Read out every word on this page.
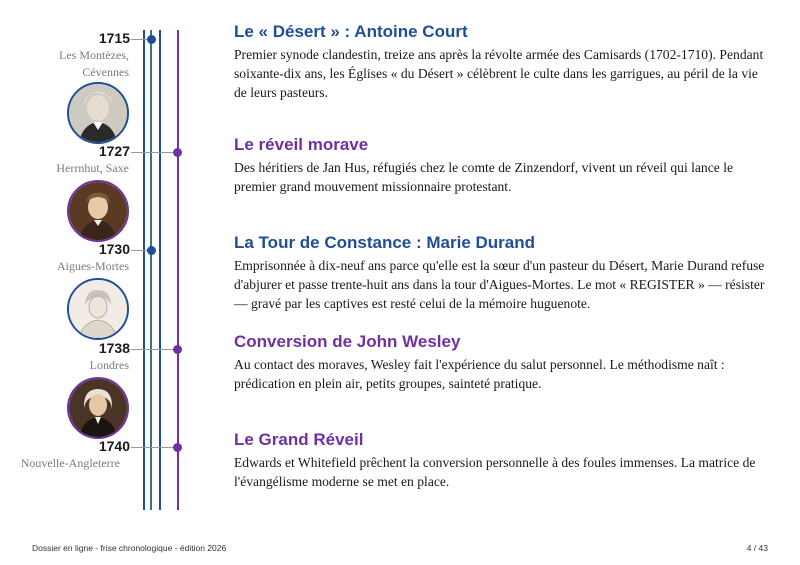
1715
Les Montèzes, Cévennes
Le « Désert » : Antoine Court
Premier synode clandestin, treize ans après la révolte armée des Camisards (1702-1710). Pendant soixante-dix ans, les Églises « du Désert » célèbrent le culte dans les garrigues, au péril de la vie de leurs pasteurs.
1727
Herrnhut, Saxe
Le réveil morave
Des héritiers de Jan Hus, réfugiés chez le comte de Zinzendorf, vivent un réveil qui lance le premier grand mouvement missionnaire protestant.
1730
Aigues-Mortes
La Tour de Constance : Marie Durand
Emprisonnée à dix-neuf ans parce qu'elle est la sœur d'un pasteur du Désert, Marie Durand refuse d'abjurer et passe trente-huit ans dans la tour d'Aigues-Mortes. Le mot « REGISTER » — résister — gravé par les captives est resté celui de la mémoire huguenote.
1738
Londres
Conversion de John Wesley
Au contact des moraves, Wesley fait l'expérience du salut personnel. Le méthodisme naît : prédication en plein air, petits groupes, sainteté pratique.
1740
Nouvelle-Angleterre
Le Grand Réveil
Edwards et Whitefield prêchent la conversion personnelle à des foules immenses. La matrice de l'évangélisme moderne se met en place.
Dossier en ligne - frise chronologique - édition 2026	4 / 43
